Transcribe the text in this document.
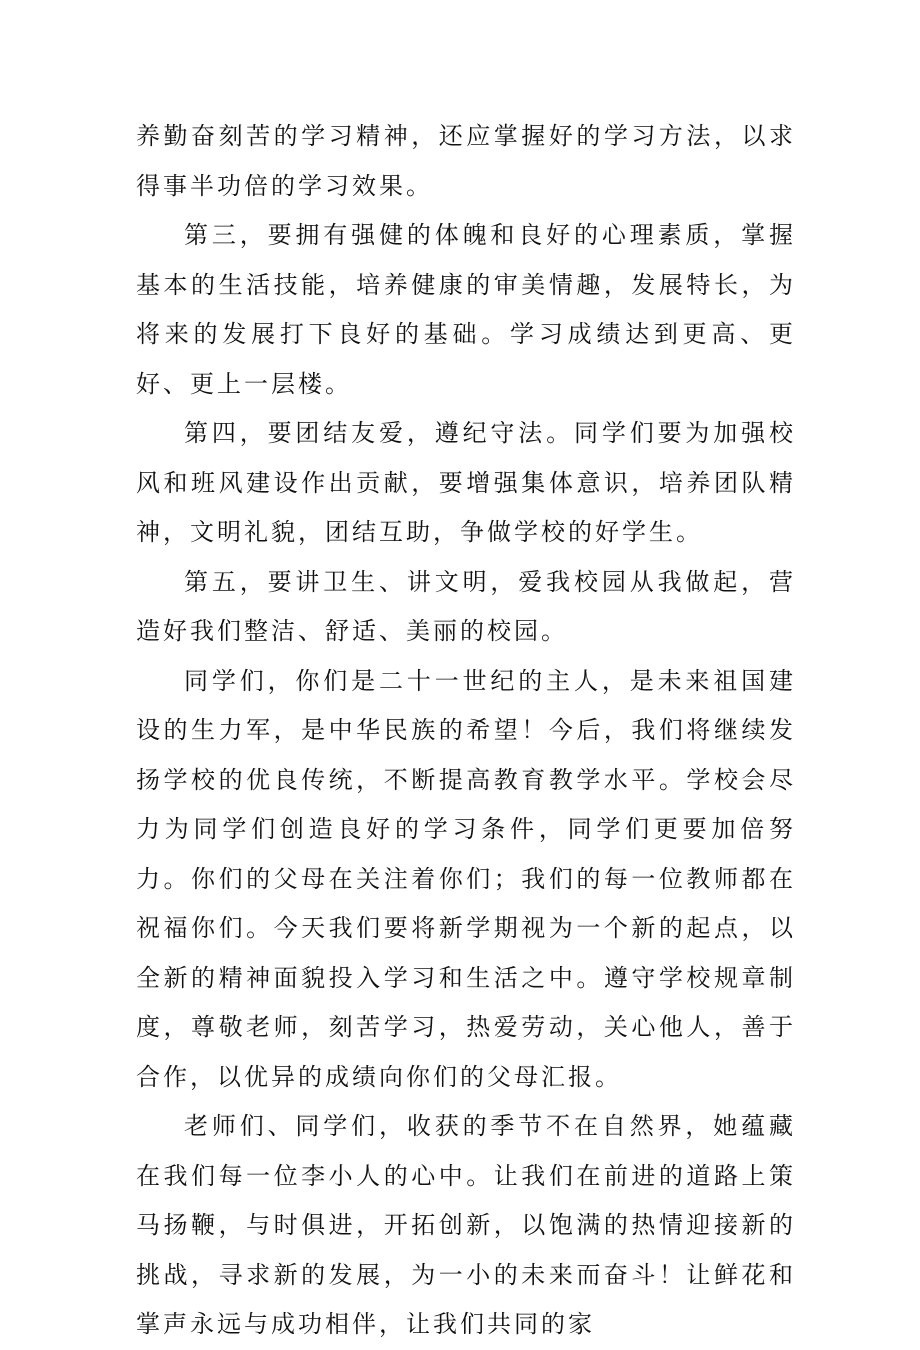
养勤奋刻苦的学习精神，还应掌握好的学习方法，以求得事半功倍的学习效果。

第三，要拥有强健的体魄和良好的心理素质，掌握基本的生活技能，培养健康的审美情趣，发展特长，为将来的发展打下良好的基础。学习成绩达到更高、更好、更上一层楼。

第四，要团结友爱，遵纪守法。同学们要为加强校风和班风建设作出贡献，要增强集体意识，培养团队精神，文明礼貌，团结互助，争做学校的好学生。

第五，要讲卫生、讲文明，爱我校园从我做起，营造好我们整洁、舒适、美丽的校园。

同学们，你们是二十一世纪的主人，是未来祖国建设的生力军，是中华民族的希望！今后，我们将继续发扬学校的优良传统，不断提高教育教学水平。学校会尽力为同学们创造良好的学习条件，同学们更要加倍努力。你们的父母在关注着你们；我们的每一位教师都在祝福你们。今天我们要将新学期视为一个新的起点，以全新的精神面貌投入学习和生活之中。遵守学校规章制度，尊敬老师，刻苦学习，热爱劳动，关心他人，善于合作，以优异的成绩向你们的父母汇报。

老师们、同学们，收获的季节不在自然界，她蕴藏在我们每一位李小人的心中。让我们在前进的道路上策马扬鞭，与时俱进，开拓创新，以饱满的热情迎接新的挑战，寻求新的发展，为一小的未来而奋斗！让鲜花和掌声永远与成功相伴，让我们共同的家
